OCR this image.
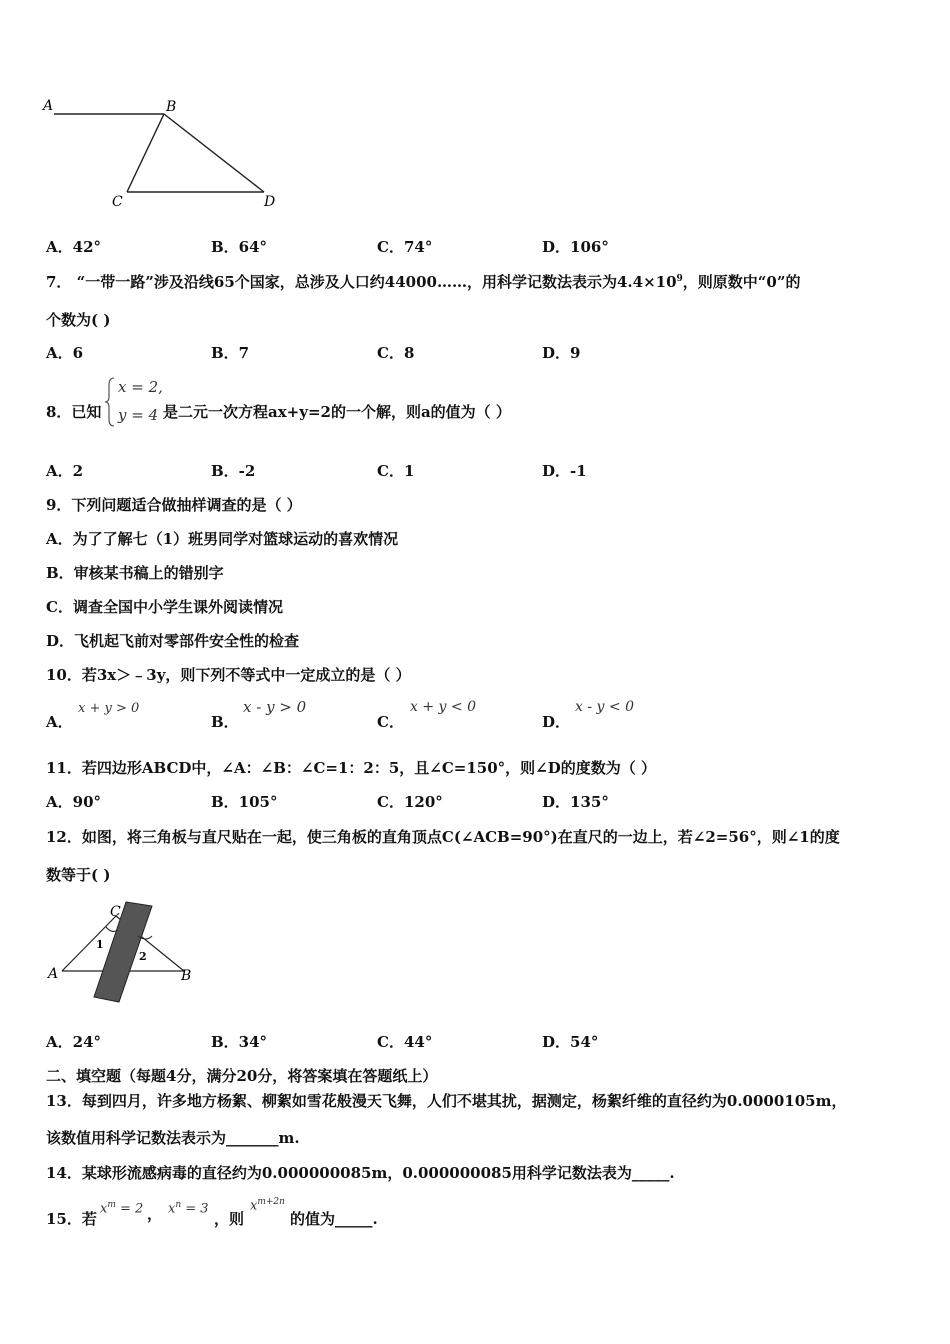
A	B
C	D
A．42°	B．64°	C．74°	D．106°
7． “一带一路”涉及沿线65个国家，总涉及人口约44000……，用科学记数法表示为$4.4\times 10^9$，则原数中“0”的
个数为( )
A．6	B．7	C．8	D．9
8．已知
x = 2,
y = 4 是二元一次方程ax+y=2的一个解，则a的值为（ ）
A．2	B．-2	C．1	D．-1
9．下列问题适合做抽样调查的是（ ）
A．为了了解七（1）班男同学对篮球运动的喜欢情况
B．审核某书稿上的错别字
C．调查全国中小学生课外阅读情况
D．飞机起飞前对零部件安全性的检查
10．若3x＞﹣3y，则下列不等式中一定成立的是（ ）
A．
x + y > 0
B．
x - y > 0
C．
x + y < 0
D．
x - y < 0
11．若四边形ABCD中，∠A：∠B：∠C=1：2：5，且∠C=150°，则∠D的度数为（ ）
A．90°	B．105°	C．120°	D．135°
12．如图，将三角板与直尺贴在一起，使三角板的直角顶点C(∠ACB=90°)在直尺的一边上，若∠2=56°，则∠1的度
数等于( )
C
A	B
1
2
A．24°	B．34°	C．44°	D．54°
二、填空题（每题4分，满分20分，将答案填在答题纸上）
13．每到四月，许多地方杨絮、柳絮如雪花般漫天飞舞，人们不堪其扰，据测定，杨絮纤维的直径约为0.0000105m，
该数值用科学记数法表示为_______m.
14．某球形流感病毒的直径约为0.000000085m，0.000000085用科学记数法表为_____.
15．若
$x^m = 2$ ， $x^n = 3$
，则
$x^{m+2n}$
的值为_____.
